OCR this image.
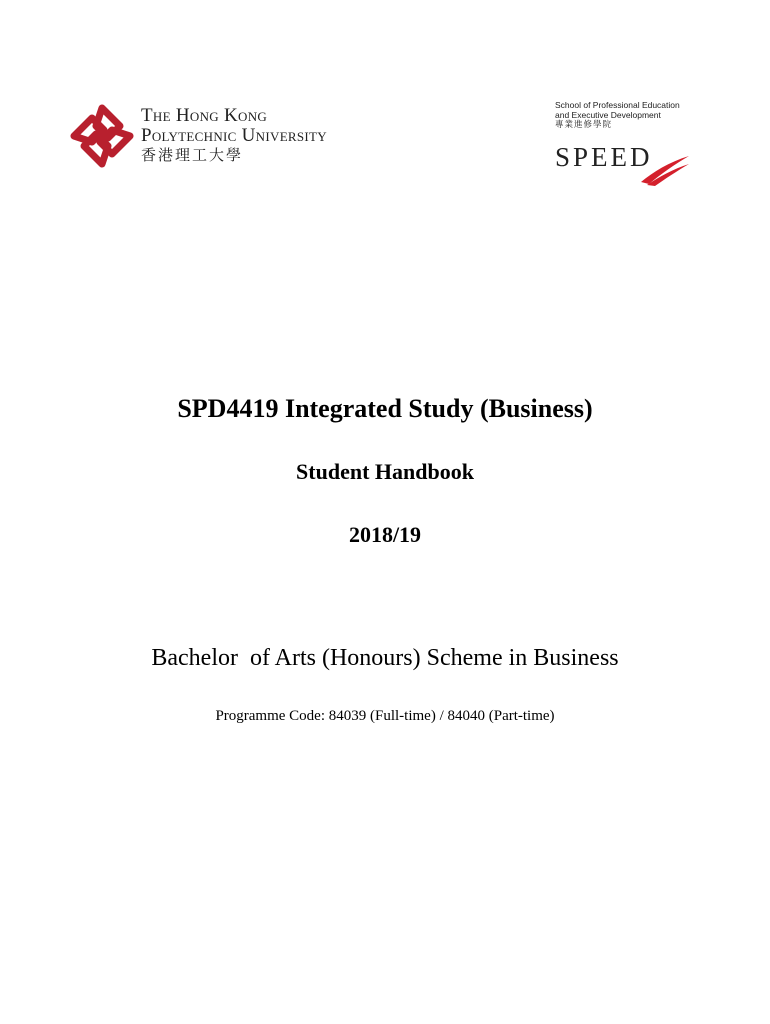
The Hong Kong
Polytechnic University
香港理工大學
School of Professional Education
and Executive Development
專業進修學院
SPEED
SPD4419 Integrated Study (Business)
Student Handbook
2018/19
Bachelor  of Arts (Honours) Scheme in Business
Programme Code: 84039 (Full-time) / 84040 (Part-time)
